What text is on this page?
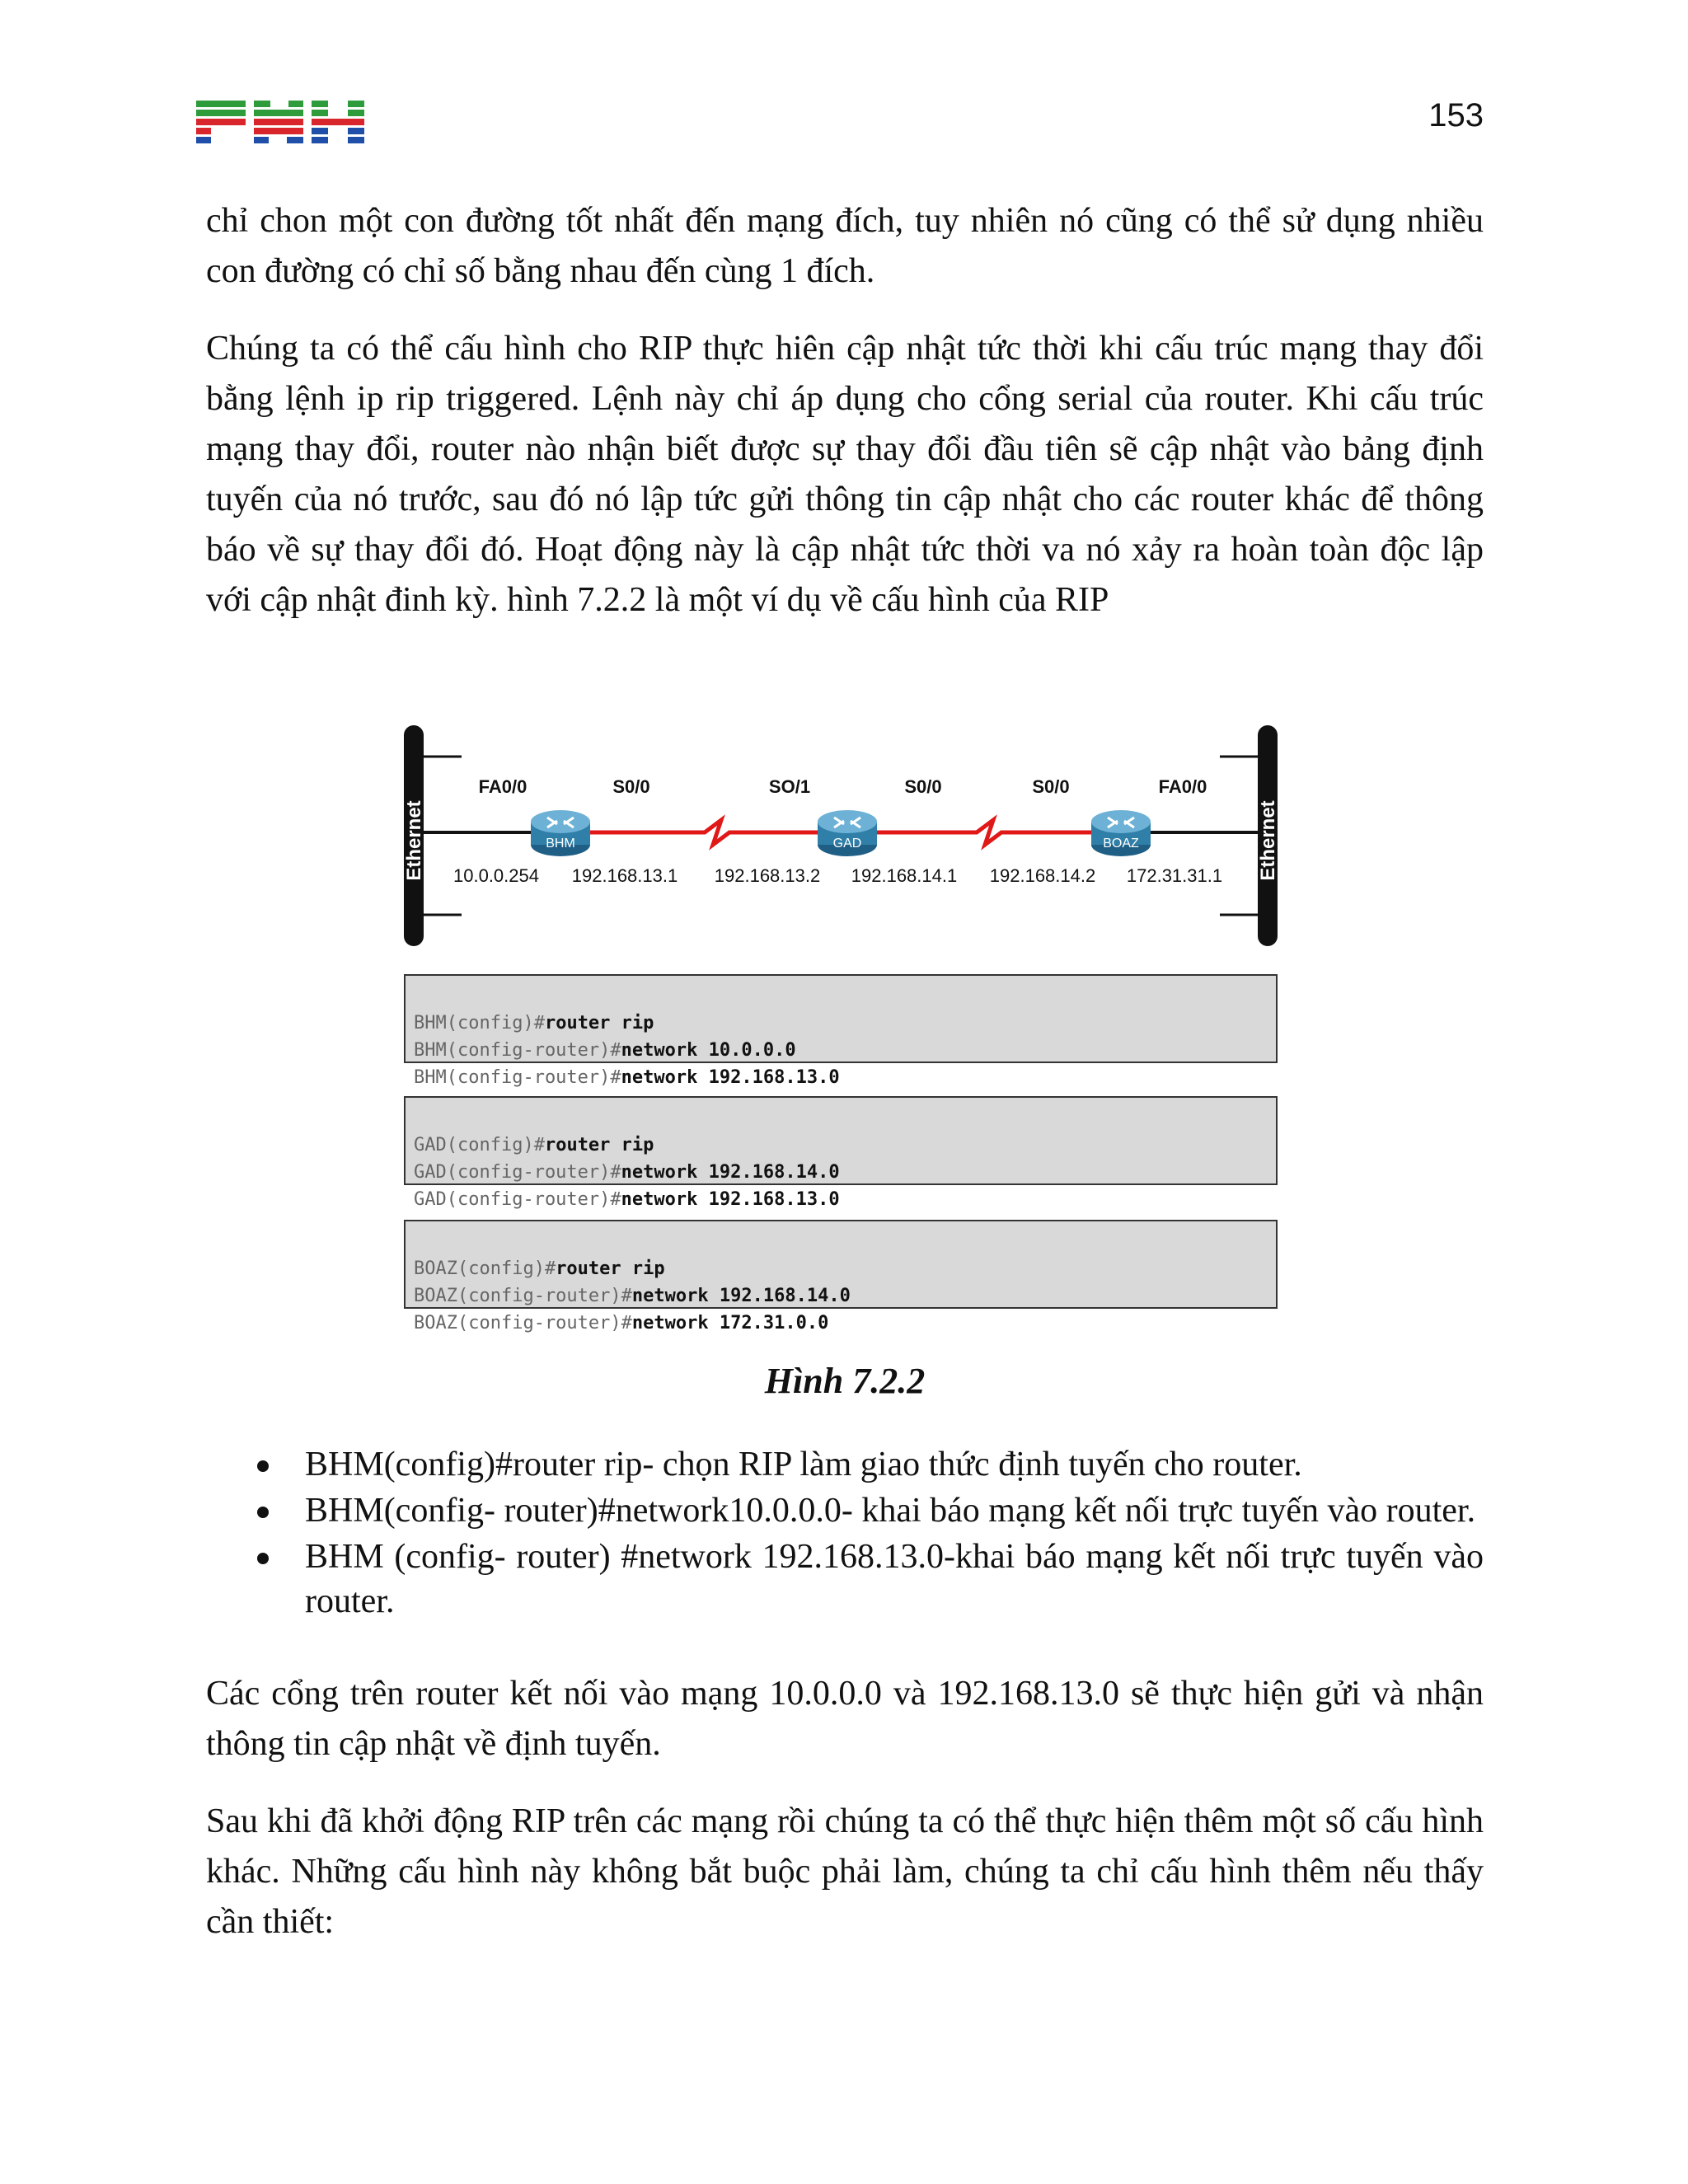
153

chỉ chon một con đường tốt nhất đến mạng đích, tuy nhiên nó cũng có thể sử dụng nhiều con đường có chỉ số bằng nhau đến cùng 1 đích.

Chúng ta có thể cấu hình cho RIP thực hiên cập nhật tức thời khi cấu trúc mạng thay đổi bằng lệnh ip rip triggered. Lệnh này chỉ áp dụng cho cổng serial của router. Khi cấu trúc mạng thay đổi, router nào nhận biết được sự thay đổi đầu tiên sẽ cập nhật vào bảng định tuyến của nó trước, sau đó nó lập tức gửi thông tin cập nhật cho các router khác để thông báo về sự thay đổi đó. Hoạt động này là cập nhật tức thời va nó xảy ra hoàn toàn độc lập với cập nhật đinh kỳ. hình 7.2.2 là một ví dụ về cấu hình của RIP

Ethernet	Ethernet
BHM	GAD	BOAZ
FA0/0	S0/0	SO/1	S0/0	S0/0	FA0/0
10.0.0.254 192.168.13.1 192.168.13.2 192.168.14.1 192.168.14.2 172.31.31.1

BHM(config)#router rip
BHM(config-router)#network 10.0.0.0
BHM(config-router)#network 192.168.13.0

GAD(config)#router rip
GAD(config-router)#network 192.168.14.0
GAD(config-router)#network 192.168.13.0

BOAZ(config)#router rip
BOAZ(config-router)#network 192.168.14.0
BOAZ(config-router)#network 172.31.0.0

Hình 7.2.2
BHM(config)#router rip- chọn RIP làm giao thức định tuyến cho router.
BHM(config- router)#network10.0.0.0- khai báo mạng kết nối trực tuyến vào router.
BHM (config- router) #network 192.168.13.0-khai báo mạng kết nối trực tuyến vào router.

Các cổng trên router kết nối vào mạng 10.0.0.0 và 192.168.13.0 sẽ thực hiện gửi và nhận thông tin cập nhật về định tuyến.

Sau khi đã khởi động RIP trên các mạng rồi chúng ta có thể thực hiện thêm một số cấu hình khác. Những cấu hình này không bắt buộc phải làm, chúng ta chỉ cấu hình thêm nếu thấy cần thiết:
